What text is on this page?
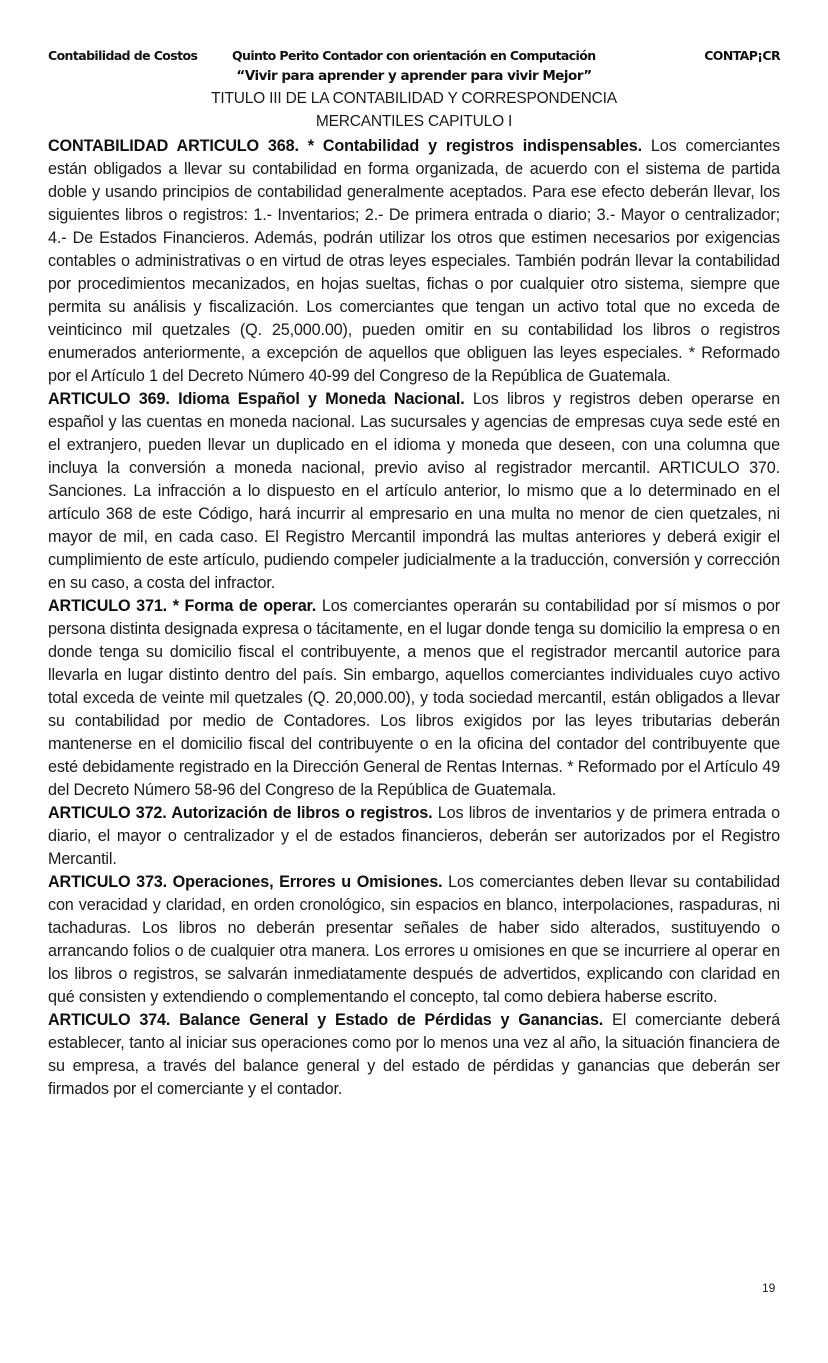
Contabilidad de Costos	Quinto Perito Contador con orientación en Computación	CONTAP¡CR
“Vivir para aprender y aprender para vivir Mejor”
TITULO III DE LA CONTABILIDAD Y CORRESPONDENCIA
MERCANTILES CAPITULO I

CONTABILIDAD ARTICULO 368. * Contabilidad y registros indispensables. Los comerciantes están obligados a llevar su contabilidad en forma organizada, de acuerdo con el sistema de partida doble y usando principios de contabilidad generalmente aceptados. Para ese efecto deberán llevar, los siguientes libros o registros: 1.- Inventarios; 2.- De primera entrada o diario; 3.- Mayor o centralizador; 4.- De Estados Financieros. Además, podrán utilizar los otros que estimen necesarios por exigencias contables o administrativas o en virtud de otras leyes especiales. También podrán llevar la contabilidad por procedimientos mecanizados, en hojas sueltas, fichas o por cualquier otro sistema, siempre que permita su análisis y fiscalización. Los comerciantes que tengan un activo total que no exceda de veinticinco mil quetzales (Q. 25,000.00), pueden omitir en su contabilidad los libros o registros enumerados anteriormente, a excepción de aquellos que obliguen las leyes especiales. * Reformado por el Artículo 1 del Decreto Número 40-99 del Congreso de la República de Guatemala.

ARTICULO 369. Idioma Español y Moneda Nacional. Los libros y registros deben operarse en español y las cuentas en moneda nacional. Las sucursales y agencias de empresas cuya sede esté en el extranjero, pueden llevar un duplicado en el idioma y moneda que deseen, con una columna que incluya la conversión a moneda nacional, previo aviso al registrador mercantil. ARTICULO 370. Sanciones. La infracción a lo dispuesto en el artículo anterior, lo mismo que a lo determinado en el artículo 368 de este Código, hará incurrir al empresario en una multa no menor de cien quetzales, ni mayor de mil, en cada caso. El Registro Mercantil impondrá las multas anteriores y deberá exigir el cumplimiento de este artículo, pudiendo compeler judicialmente a la traducción, conversión y corrección en su caso, a costa del infractor.

ARTICULO 371. * Forma de operar. Los comerciantes operarán su contabilidad por sí mismos o por persona distinta designada expresa o tácitamente, en el lugar donde tenga su domicilio la empresa o en donde tenga su domicilio fiscal el contribuyente, a menos que el registrador mercantil autorice para llevarla en lugar distinto dentro del país. Sin embargo, aquellos comerciantes individuales cuyo activo total exceda de veinte mil quetzales (Q. 20,000.00), y toda sociedad mercantil, están obligados a llevar su contabilidad por medio de Contadores. Los libros exigidos por las leyes tributarias deberán mantenerse en el domicilio fiscal del contribuyente o en la oficina del contador del contribuyente que esté debidamente registrado en la Dirección General de Rentas Internas. * Reformado por el Artículo 49 del Decreto Número 58-96 del Congreso de la República de Guatemala.

ARTICULO 372. Autorización de libros o registros. Los libros de inventarios y de primera entrada o diario, el mayor o centralizador y el de estados financieros, deberán ser autorizados por el Registro Mercantil.

ARTICULO 373. Operaciones, Errores u Omisiones. Los comerciantes deben llevar su contabilidad con veracidad y claridad, en orden cronológico, sin espacios en blanco, interpolaciones, raspaduras, ni tachaduras. Los libros no deberán presentar señales de haber sido alterados, sustituyendo o arrancando folios o de cualquier otra manera. Los errores u omisiones en que se incurriere al operar en los libros o registros, se salvarán inmediatamente después de advertidos, explicando con claridad en qué consisten y extendiendo o complementando el concepto, tal como debiera haberse escrito.

ARTICULO 374. Balance General y Estado de Pérdidas y Ganancias. El comerciante deberá establecer, tanto al iniciar sus operaciones como por lo menos una vez al año, la situación financiera de su empresa, a través del balance general y del estado de pérdidas y ganancias que deberán ser firmados por el comerciante y el contador.

19
